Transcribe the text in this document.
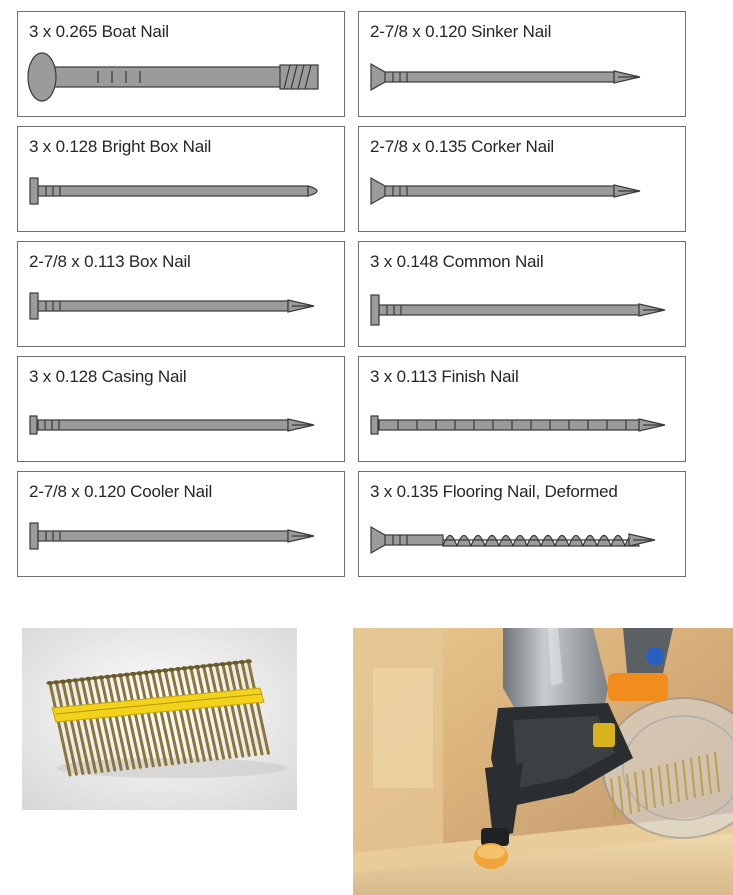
3 x 0.265 Boat Nail	2-7/8 x 0.120 Sinker Nail
3 x 0.128 Bright Box Nail	2-7/8 x 0.135 Corker Nail
2-7/8 x 0.113 Box Nail	3 x 0.148 Common Nail
3 x 0.128 Casing Nail	3 x 0.113 Finish Nail
2-7/8 x 0.120 Cooler Nail	3 x 0.135 Flooring Nail, Deformed
